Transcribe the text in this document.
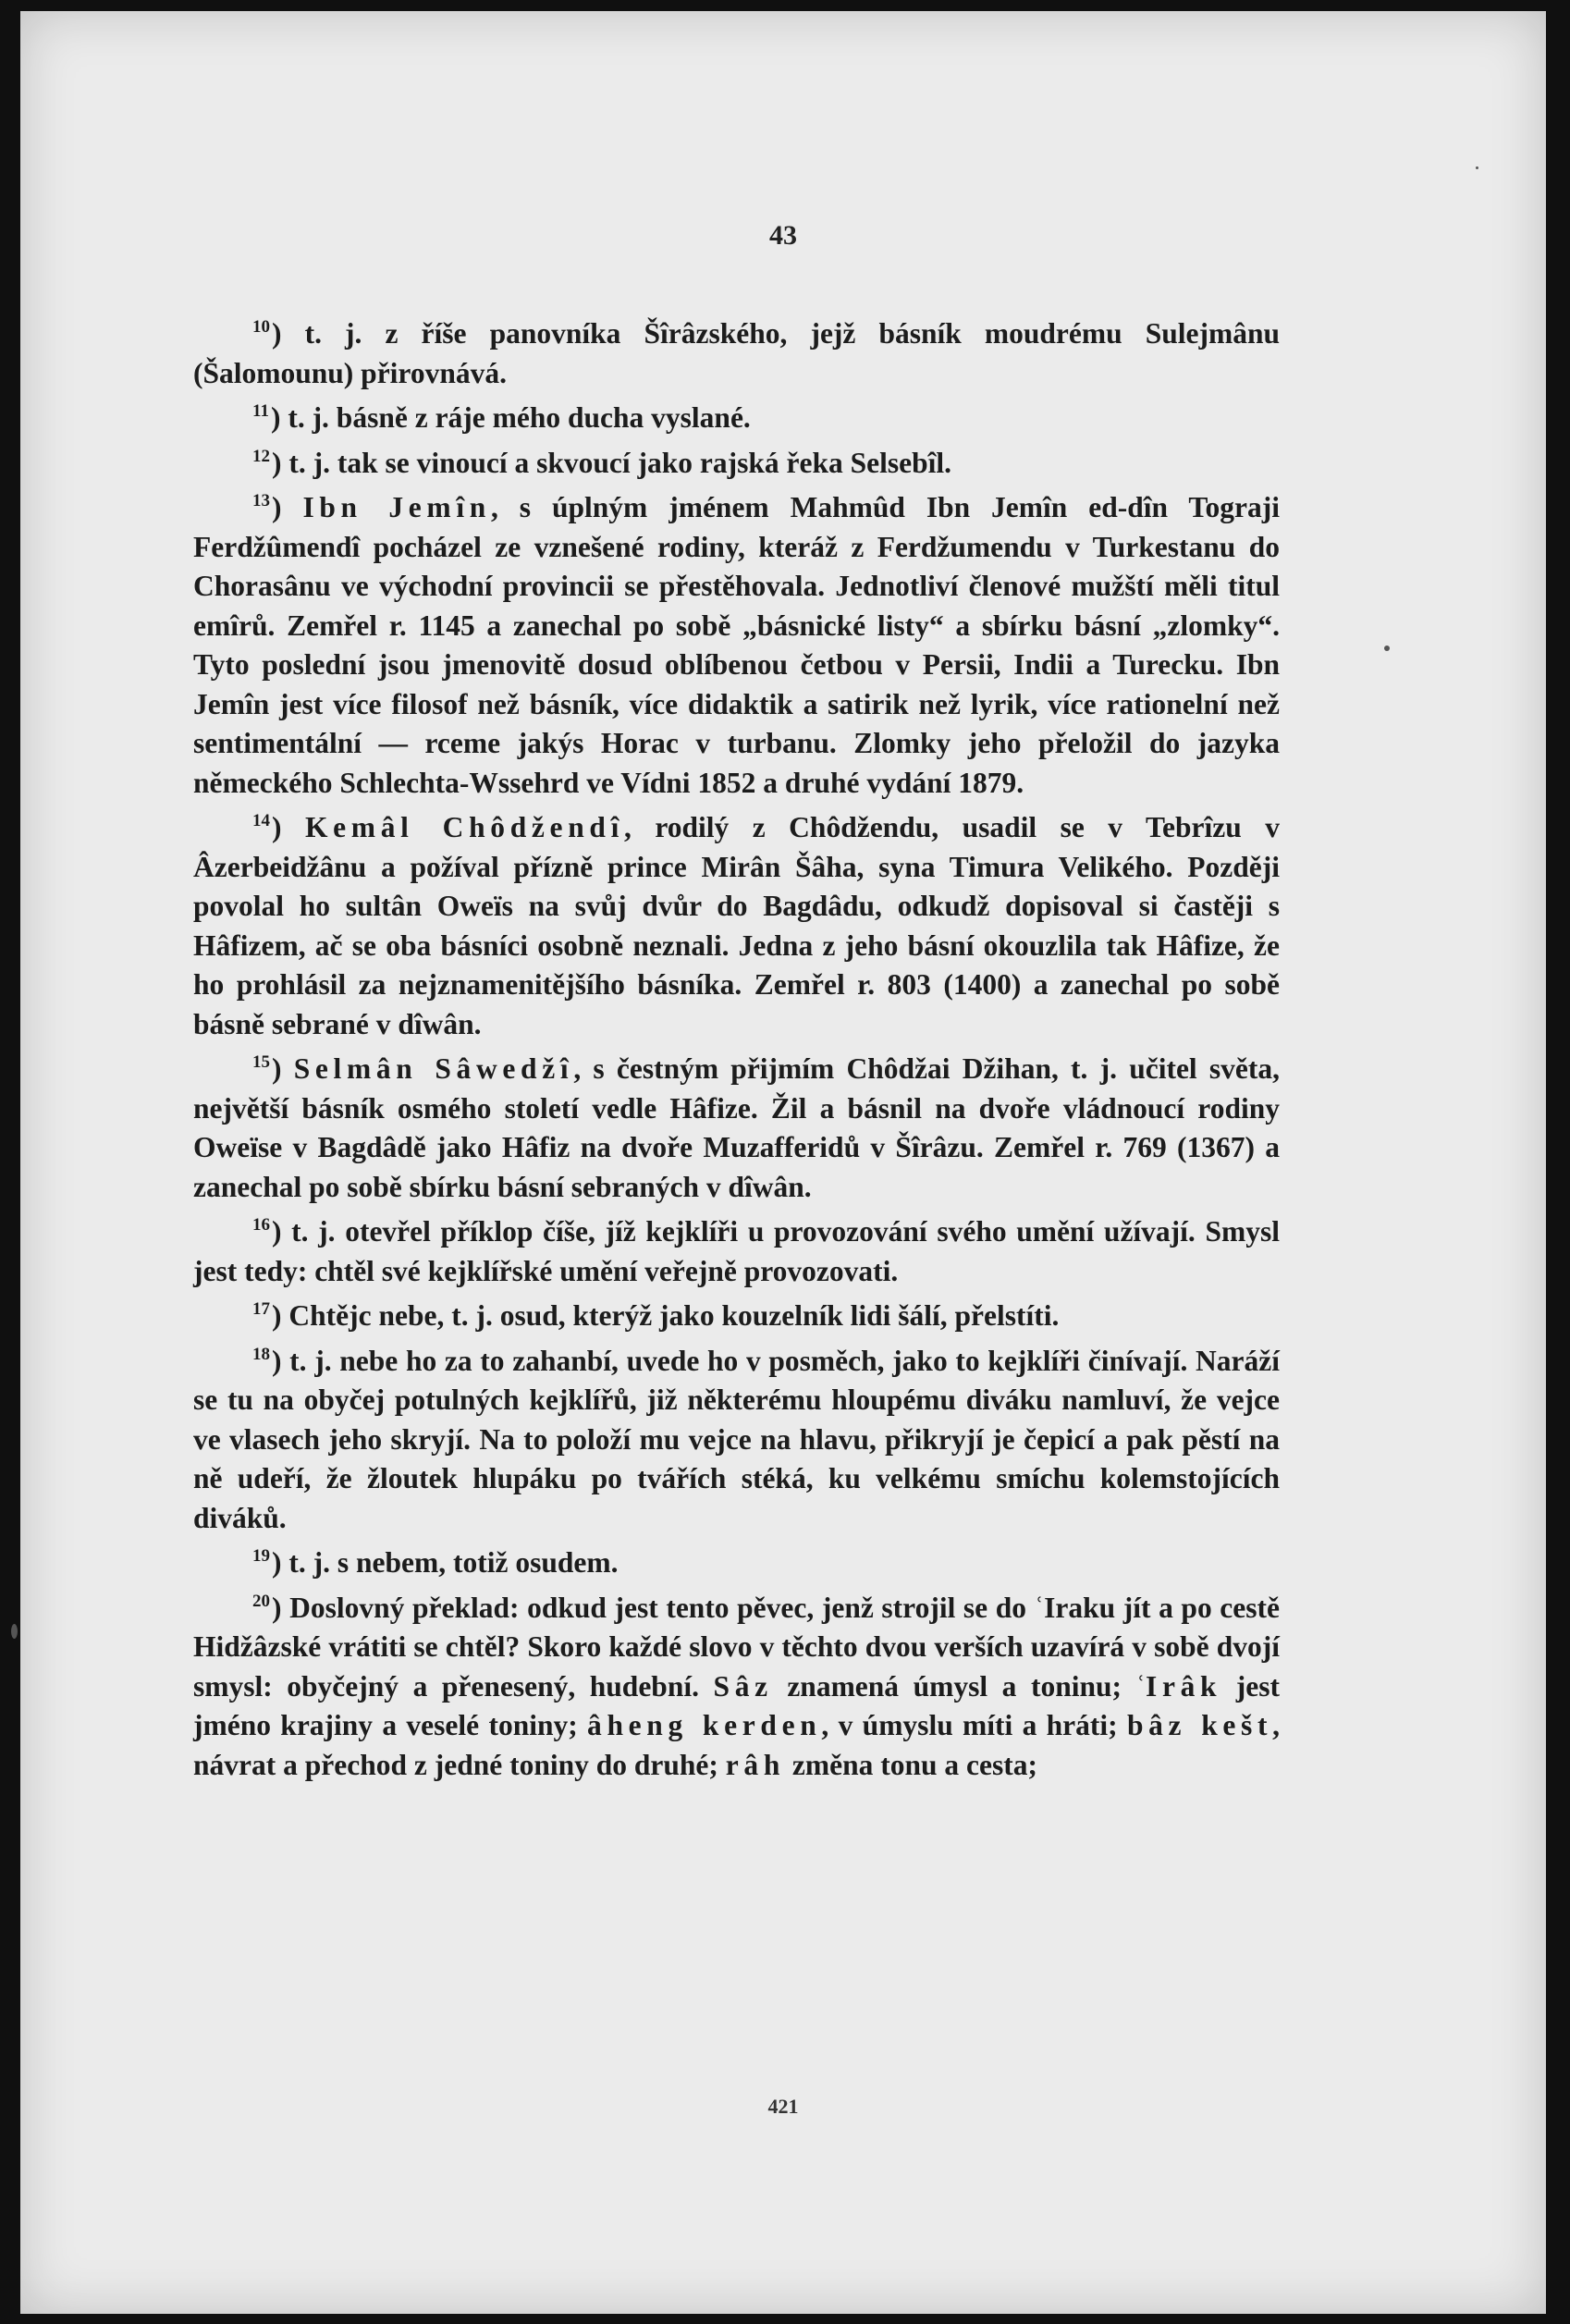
43

$^{10}$) t. j. z říše panovníka Šîrâzského, jejž básník moudrému Sulejmânu (Šalomounu) přirovnává.

$^{11}$) t. j. básně z ráje mého ducha vyslané.

$^{12}$) t. j. tak se vinoucí a skvoucí jako rajská řeka Selsebîl.

$^{13}$) Ibn Jemîn, s úplným jménem Mahmûd Ibn Jemîn ed-dîn Tograji Ferdžûmendî pocházel ze vznešené rodiny, kteráž z Ferdžumendu v Turkestanu do Chorasânu ve východní provincii se přestěhovala. Jednotliví členové mužští měli titul emîrů. Zemřel r. 1145 a zanechal po sobě „básnické listy“ a sbírku básní „zlomky“. Tyto poslední jsou jmenovitě dosud oblíbenou četbou v Persii, Indii a Turecku. Ibn Jemîn jest více filosof než básník, více didaktik a satirik než lyrik, více rationelní než sentimentální — rceme jakýs Horac v turbanu. Zlomky jeho přeložil do jazyka německého Schlechta-Wssehrd ve Vídni 1852 a druhé vydání 1879.

$^{14}$) Kemâl Chôdžendî, rodilý z Chôdžendu, usadil se v Tebrîzu v Âzerbeidžânu a požíval přízně prince Mirân Šâha, syna Timura Velikého. Později povolal ho sultân Oweïs na svůj dvůr do Bagdâdu, odkudž dopisoval si častěji s Hâfizem, ač se oba básníci osobně neznali. Jedna z jeho básní okouzlila tak Hâfize, že ho prohlásil za nejznamenitějšího básníka. Zemřel r. 803 (1400) a zanechal po sobě básně sebrané v dîwân.

$^{15}$) Selmân Sâwedžî, s čestným přijmím Chôdžai Džihan, t. j. učitel světa, největší básník osmého století vedle Hâfize. Žil a básnil na dvoře vládnoucí rodiny Oweïse v Bagdâdě jako Hâfiz na dvoře Muzafferidů v Šîrâzu. Zemřel r. 769 (1367) a zanechal po sobě sbírku básní sebraných v dîwân.

$^{16}$) t. j. otevřel příklop číše, jíž kejklíři u provozování svého umění užívají. Smysl jest tedy: chtěl své kejklířské umění veřejně provozovati.

$^{17}$) Chtějc nebe, t. j. osud, kterýž jako kouzelník lidi šálí, přelstíti.

$^{18}$) t. j. nebe ho za to zahanbí, uvede ho v posměch, jako to kejklíři činívají. Naráží se tu na obyčej potulných kejklířů, již některému hloupému diváku namluví, že vejce ve vlasech jeho skryjí. Na to položí mu vejce na hlavu, přikryjí je čepicí a pak pěstí na ně udeří, že žloutek hlupáku po tvářích stéká, ku velkému smíchu kolemstojících diváků.

$^{19}$) t. j. s nebem, totiž osudem.

$^{20}$) Doslovný překlad: odkud jest tento pěvec, jenž strojil se do ʿIraku jít a po cestě Hidžâzské vrátiti se chtěl? Skoro každé slovo v těchto dvou verších uzavírá v sobě dvojí smysl: obyčejný a přenesený, hudební. Sâz znamená úmysl a toninu; ʿIrâk jest jméno krajiny a veselé toniny; âheng kerden, v úmyslu míti a hráti; bâz kešt, návrat a přechod z jedné toniny do druhé; râh změna tonu a cesta;

421
